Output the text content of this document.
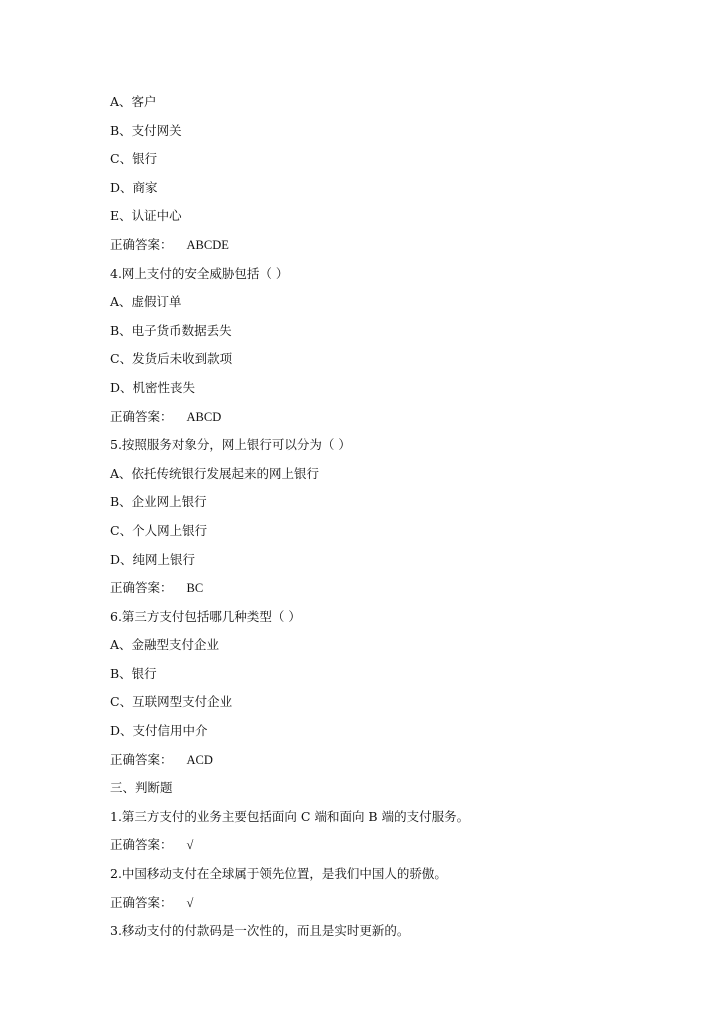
A、客户
B、支付网关
C、银行
D、商家
E、认证中心
正确答案： ABCDE
4.网上支付的安全威胁包括（ ）
A、虚假订单
B、电子货币数据丢失
C、发货后未收到款项
D、机密性丧失
正确答案： ABCD
5.按照服务对象分，网上银行可以分为（ ）
A、依托传统银行发展起来的网上银行
B、企业网上银行
C、个人网上银行
D、纯网上银行
正确答案： BC
6.第三方支付包括哪几种类型（ ）
A、金融型支付企业
B、银行
C、互联网型支付企业
D、支付信用中介
正确答案： ACD
三、判断题
1.第三方支付的业务主要包括面向 C 端和面向 B 端的支付服务。
正确答案： √
2.中国移动支付在全球属于领先位置，是我们中国人的骄傲。
正确答案： √
3.移动支付的付款码是一次性的，而且是实时更新的。
